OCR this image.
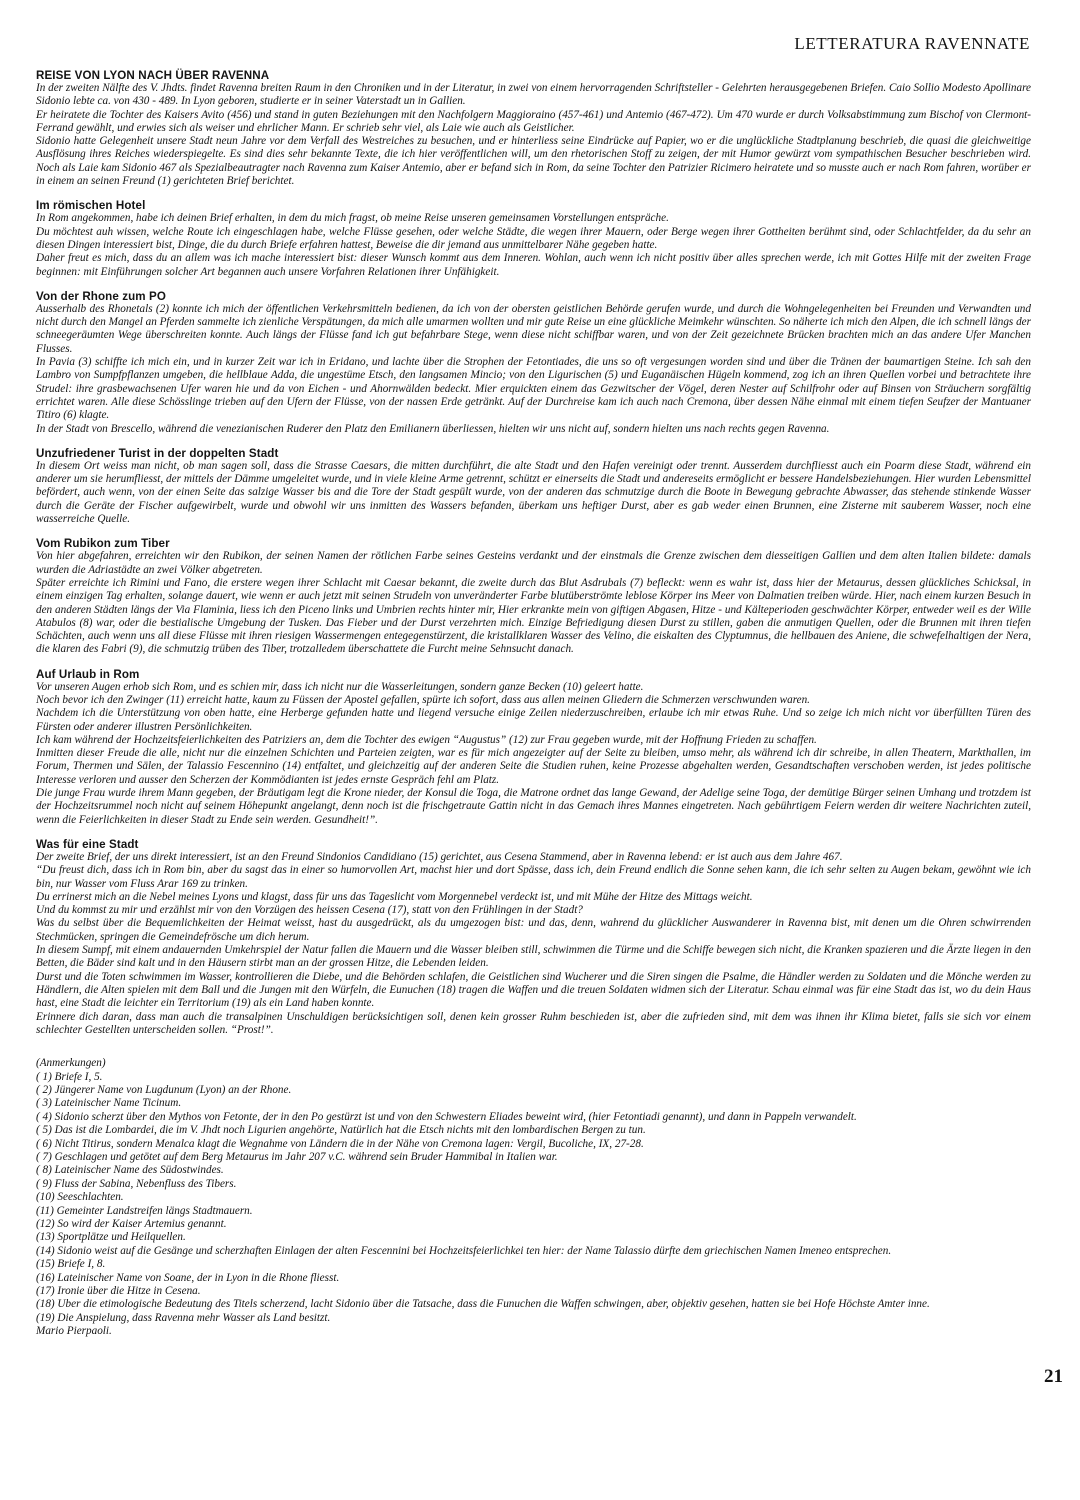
LETTERATURA RAVENNATE
REISE VON LYON NACH ÜBER RAVENNA

In der zweiten Nälfte des V. Jhdts. findet Ravenna breiten Raum in den Chroniken und in der Literatur, in zwei von einem hervorragenden Schriftsteller - Gelehrten herausgegebenen Briefen. Caio Sollio Modesto Apollinare Sidonio lebte ca. von 430 - 489. In Lyon geboren, studierte er in seiner Vaterstadt un in Gallien.

Er heiratete die Tochter des Kaisers Avito (456) und stand in guten Beziehungen mit den Nachfolgern Maggioraino (457-461) und Antemio (467-472). Um 470 wurde er durch Volksabstimmung zum Bischof von Clermont-Ferrand gewählt, und erwies sich als weiser und ehrlicher Mann. Er schrieb sehr viel, als Laie wie auch als Geistlicher.

Sidonio hatte Gelegenheit unsere Stadt neun Jahre vor dem Verfall des Westreiches zu besuchen, und er hinterliess seine Eindrücke auf Papier, wo er die unglückliche Stadtplanung beschrieb, die quasi die gleichweitige Ausflösung ihres Reiches wiederspiegelte. Es sind dies sehr bekannte Texte, die ich hier veröffentlichen will, um den rhetorischen Stoff zu zeigen, der mit Humor gewürzt vom sympathischen Besucher beschrieben wird. Noch als Laie kam Sidonio 467 als Spezialbeautragter nach Ravenna zum Kaiser Antemio, aber er befand sich in Rom, da seine Tochter den Patrizier Ricimero heiratete und so musste auch er nach Rom fahren, worüber er in einem an seinen Freund (1) gerichteten Brief berichtet.

Im römischen Hotel

In Rom angekommen, habe ich deinen Brief erhalten, in dem du mich fragst, ob meine Reise unseren gemeinsamen Vorstellungen entspräche.

Du möchtest auh wissen, welche Route ich eingeschlagen habe, welche Flüsse gesehen, oder welche Städte, die wegen ihrer Mauern, oder Berge wegen ihrer Gottheiten berühmt sind, oder Schlachtfelder, da du sehr an diesen Dingen interessiert bist, Dinge, die du durch Briefe erfahren hattest, Beweise die dir jemand aus unmittelbarer Nähe gegeben hatte.

Daher freut es mich, dass du an allem was ich mache interessiert bist: dieser Wunsch kommt aus dem Inneren. Wohlan, auch wenn ich nicht positiv über alles sprechen werde, ich mit Gottes Hilfe mit der zweiten Frage beginnen: mit Einführungen solcher Art begannen auch unsere Vorfahren Relationen ihrer Unfähigkeit.

Von der Rhone zum PO

Ausserhalb des Rhonetals (2) konnte ich mich der öffentlichen Verkehrsmitteln bedienen, da ich von der obersten geistlichen Behörde gerufen wurde, und durch die Wohngelegenheiten bei Freunden und Verwandten und nicht durch den Mangel an Pferden sammelte ich zienliche Verspätungen, da mich alle umarmen wollten und mir gute Reise un eine glückliche Meimkehr wünschten. So näherte ich mich den Alpen, die ich schnell längs der schneegeräumten Wege überschreiten konnte. Auch längs der Flüsse fand ich gut befahrbare Stege, wenn diese nicht schiffbar waren, und von der Zeit gezeichnete Brücken brachten mich an das andere Ufer Manchen Flusses.

In Pavia (3) schiffte ich mich ein, und in kurzer Zeit war ich in Eridano, und lachte über die Strophen der Fetontiades, die uns so oft vergesungen worden sind und über die Tränen der baumartigen Steine. Ich sah den Lambro von Sumpfpflanzen umgeben, die hellblaue Adda, die ungestüme Etsch, den langsamen Mincio; von den Ligurischen (5) und Euganäischen Hügeln kommend, zog ich an ihren Quellen vorbei und betrachtete ihre Strudel: ihre grasbewachsenen Ufer waren hie und da von Eichen - und Ahornwälden bedeckt. Mier erquickten einem das Gezwitscher der Vögel, deren Nester auf Schilfrohr oder auf Binsen von Sträuchern sorgfältig errichtet waren. Alle diese Schösslinge trieben auf den Ufern der Flüsse, von der nassen Erde getränkt. Auf der Durchreise kam ich auch nach Cremona, über dessen Nähe einmal mit einem tiefen Seufzer der Mantuaner Titiro (6) klagte.

In der Stadt von Brescello, während die venezianischen Ruderer den Platz den Emilianern überliessen, hielten wir uns nicht auf, sondern hielten uns nach rechts gegen Ravenna.

Unzufriedener Turist in der doppelten Stadt

In diesem Ort weiss man nicht, ob man sagen soll, dass die Strasse Caesars, die mitten durchführt, die alte Stadt und den Hafen vereinigt oder trennt. Ausserdem durchfliesst auch ein Poarm diese Stadt, während ein anderer um sie herumfliesst, der mittels der Dämme umgeleitet wurde, und in viele kleine Arme getrennt, schützt er einerseits die Stadt und andereseits ermöglicht er bessere Handelsbeziehungen. Hier wurden Lebensmittel befördert, auch wenn, von der einen Seite das salzige Wasser bis and die Tore der Stadt gespült wurde, von der anderen das schmutzige durch die Boote in Bewegung gebrachte Abwasser, das stehende stinkende Wasser durch die Geräte der Fischer aufgewirbelt, wurde und obwohl wir uns inmitten des Wassers befanden, überkam uns heftiger Durst, aber es gab weder einen Brunnen, eine Zisterne mit sauberem Wasser, noch eine wasserreiche Quelle.

Vom Rubikon zum Tiber

Von hier abgefahren, erreichten wir den Rubikon, der seinen Namen der rötlichen Farbe seines Gesteins verdankt und der einstmals die Grenze zwischen dem diesseitigen Gallien und dem alten Italien bildete: damals wurden die Adriastädte an zwei Völker abgetreten.

Später erreichte ich Rimini und Fano, die erstere wegen ihrer Schlacht mit Caesar bekannt, die zweite durch das Blut Asdrubals (7) befleckt: wenn es wahr ist, dass hier der Metaurus, dessen glückliches Schicksal, in einem einzigen Tag erhalten, solange dauert, wie wenn er auch jetzt mit seinen Strudeln von unveränderter Farbe blutüberströmte leblose Körper ins Meer von Dalmatien treiben würde. Hier, nach einem kurzen Besuch in den anderen Städten längs der Via Flaminia, liess ich den Piceno links und Umbrien rechts hinter mir, Hier erkrankte mein von giftigen Abgasen, Hitze - und Kälteperioden geschwächter Körper, entweder weil es der Wille Atabulos (8) war, oder die bestialische Umgebung der Tusken. Das Fieber und der Durst verzehrten mich. Einzige Befriedigung diesen Durst zu stillen, gaben die anmutigen Quellen, oder die Brunnen mit ihren tiefen Schächten, auch wenn uns all diese Flüsse mit ihren riesigen Wassermengen entegegenstürzent, die kristallklaren Wasser des Velino, die eiskalten des Clyptumnus, die hellbauen des Aniene, die schwefelhaltigen der Nera, die klaren des Fabri (9), die schmutzig trüben des Tiber, trotzalledem überschattete die Furcht meine Sehnsucht danach.

Auf Urlaub in Rom

Vor unseren Augen erhob sich Rom, und es schien mir, dass ich nicht nur die Wasserleitungen, sondern ganze Becken (10) geleert hatte.

Noch bevor ich den Zwinger (11) erreicht hatte, kaum zu Füssen der Apostel gefallen, spürte ich sofort, dass aus allen meinen Gliedern die Schmerzen verschwunden waren.

Nachdem ich die Unterstützung von oben hatte, eine Herberge gefunden hatte und liegend versuche einige Zeilen niederzuschreiben, erlaube ich mir etwas Ruhe. Und so zeige ich mich nicht vor überfüllten Türen des Fürsten oder anderer illustren Persönlichkeiten.

Ich kam während der Hochzeitsfeierlichkeiten des Patriziers an, dem die Tochter des ewigen “Augustus” (12) zur Frau gegeben wurde, mit der Hoffnung Frieden zu schaffen.

Inmitten dieser Freude die alle, nicht nur die einzelnen Schichten und Parteien zeigten, war es für mich angezeigter auf der Seite zu bleiben, umso mehr, als während ich dir schreibe, in allen Theatern, Markthallen, im Forum, Thermen und Sälen, der Talassio Fescennino (14) entfaltet, und gleichzeitig auf der anderen Seite die Studien ruhen, keine Prozesse abgehalten werden, Gesandtschaften verschoben werden, ist jedes politische Interesse verloren und ausser den Scherzen der Kommödianten ist jedes ernste Gespräch fehl am Platz.

Die junge Frau wurde ihrem Mann gegeben, der Bräutigam legt die Krone nieder, der Konsul die Toga, die Matrone ordnet das lange Gewand, der Adelige seine Toga, der demütige Bürger seinen Umhang und trotzdem ist der Hochzeitsrummel noch nicht auf seinem Höhepunkt angelangt, denn noch ist die frischgetraute Gattin nicht in das Gemach ihres Mannes eingetreten. Nach gebührtigem Feiern werden dir weitere Nachrichten zuteil, wenn die Feierlichkeiten in dieser Stadt zu Ende sein werden. Gesundheit!”.

Was für eine Stadt

Der zweite Brief, der uns direkt interessiert, ist an den Freund Sindonios Candidiano (15) gerichtet, aus Cesena Stammend, aber in Ravenna lebend: er ist auch aus dem Jahre 467.

“Du freust dich, dass ich in Rom bin, aber du sagst das in einer so humorvollen Art, machst hier und dort Spässe, dass ich, dein Freund endlich die Sonne sehen kann, die ich sehr selten zu Augen bekam, gewöhnt wie ich bin, nur Wasser vom Fluss Arar 169 zu trinken.

Du errinerst mich an die Nebel meines Lyons und klagst, dass für uns das Tageslicht vom Morgennebel verdeckt ist, und mit Mühe der Hitze des Mittags weicht.

Und du kommst zu mir und erzählst mir von den Vorzügen des heissen Cesena (17), statt von den Frühlingen in der Stadt?

Was du selbst über die Bequemlichkeiten der Heimat weisst, hast du ausgedrückt, als du umgezogen bist: und das, denn, wahrend du glücklicher Auswanderer in Ravenna bist, mit denen um die Ohren schwirrenden Stechmücken, springen die Gemeindefrösche um dich herum.

In diesem Sumpf, mit einem andauernden Umkehrspiel der Natur fallen die Mauern und die Wasser bleiben still, schwimmen die Türme und die Schiffe bewegen sich nicht, die Kranken spazieren und die Ärzte liegen in den Betten, die Bäder sind kalt und in den Häusern stirbt man an der grossen Hitze, die Lebenden leiden.

Durst und die Toten schwimmen im Wasser, kontrollieren die Diebe, und die Behörden schlafen, die Geistlichen sind Wucherer und die Siren singen die Psalme, die Händler werden zu Soldaten und die Mönche werden zu Händlern, die Alten spielen mit dem Ball und die Jungen mit den Würfeln, die Eunuchen (18) tragen die Waffen und die treuen Soldaten widmen sich der Literatur. Schau einmal was für eine Stadt das ist, wo du dein Haus hast, eine Stadt die leichter ein Territorium (19) als ein Land haben konnte.

Erinnere dich daran, dass man auch die transalpinen Unschuldigen berücksichtigen soll, denen kein grosser Ruhm beschieden ist, aber die zufrieden sind, mit dem was ihnen ihr Klima bietet, falls sie sich vor einem schlechter Gestellten unterscheiden sollen. “Prost!”.

(Anmerkungen)

( 1) Briefe I, 5.

( 2) Jüngerer Name von Lugdunum (Lyon) an der Rhone.

( 3) Lateinischer Name Ticinum.

( 4) Sidonio scherzt über den Mythos von Fetonte, der in den Po gestürzt ist und von den Schwestern Eliades beweint wird, (hier Fetontiadi genannt), und dann in Pappeln verwandelt.

( 5) Das ist die Lombardei, die im V. Jhdt noch Ligurien angehörte, Natürlich hat die Etsch nichts mit den lombardischen Bergen zu tun.

( 6) Nicht Titirus, sondern Menalca klagt die Wegnahme von Ländern die in der Nähe von Cremona lagen: Vergil, Bucoliche, IX, 27-28.

( 7) Geschlagen und getötet auf dem Berg Metaurus im Jahr 207 v.C. während sein Bruder Hammibal in Italien war.

( 8) Lateinischer Name des Südostwindes.

( 9) Fluss der Sabina, Nebenfluss des Tibers.

(10) Seeschlachten.

(11) Gemeinter Landstreifen längs Stadtmauern.

(12) So wird der Kaiser Artemius genannt.

(13) Sportplätze und Heilquellen.

(14) Sidonio weist auf die Gesänge und scherzhaften Einlagen der alten Fescennini bei Hochzeitsfeierlichkei ten hier: der Name Talassio dürfte dem griechischen Namen Imeneo entsprechen.

(15) Briefe I, 8.

(16) Lateinischer Name von Soane, der in Lyon in die Rhone fliesst.

(17) Ironie über die Hitze in Cesena.

(18) Uber die etimologische Bedeutung des Titels scherzend, lacht Sidonio über die Tatsache, dass die Funuchen die Waffen schwingen, aber, objektiv gesehen, hatten sie bei Hofe Höchste Amter inne.

(19) Die Anspielung, dass Ravenna mehr Wasser als Land besitzt.

Mario Pierpaoli.

21
